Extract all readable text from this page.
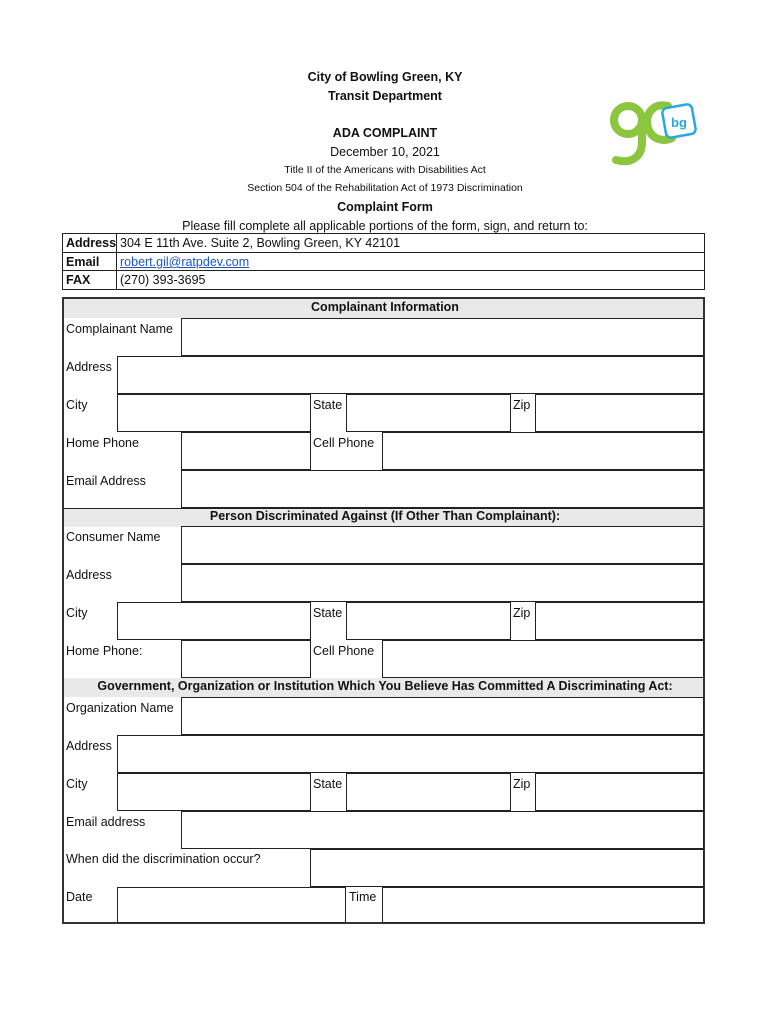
City of Bowling Green, KY
Transit Department
ADA COMPLAINT
December 10, 2021
Title II of the Americans with Disabilities Act
Section 504 of the Rehabilitation Act of 1973 Discrimination
Complaint Form
Please fill complete all applicable portions of the form, sign, and return to:
bg
Address 304 E 11th Ave. Suite 2, Bowling Green, KY 42101
Email robert.gil@ratpdev.com
FAX (270) 393-3695
Complainant Information
Complainant Name
Address
City	State	Zip
Home Phone	Cell Phone
Email Address
Person Discriminated Against (If Other Than Complainant):
Consumer Name
Address
City	State	Zip
Home Phone:	Cell Phone
Government, Organization or Institution Which You Believe Has Committed A Discriminating Act:
Organization Name
Address
City	State	Zip
Email address
When did the discrimination occur?
Date	Time
